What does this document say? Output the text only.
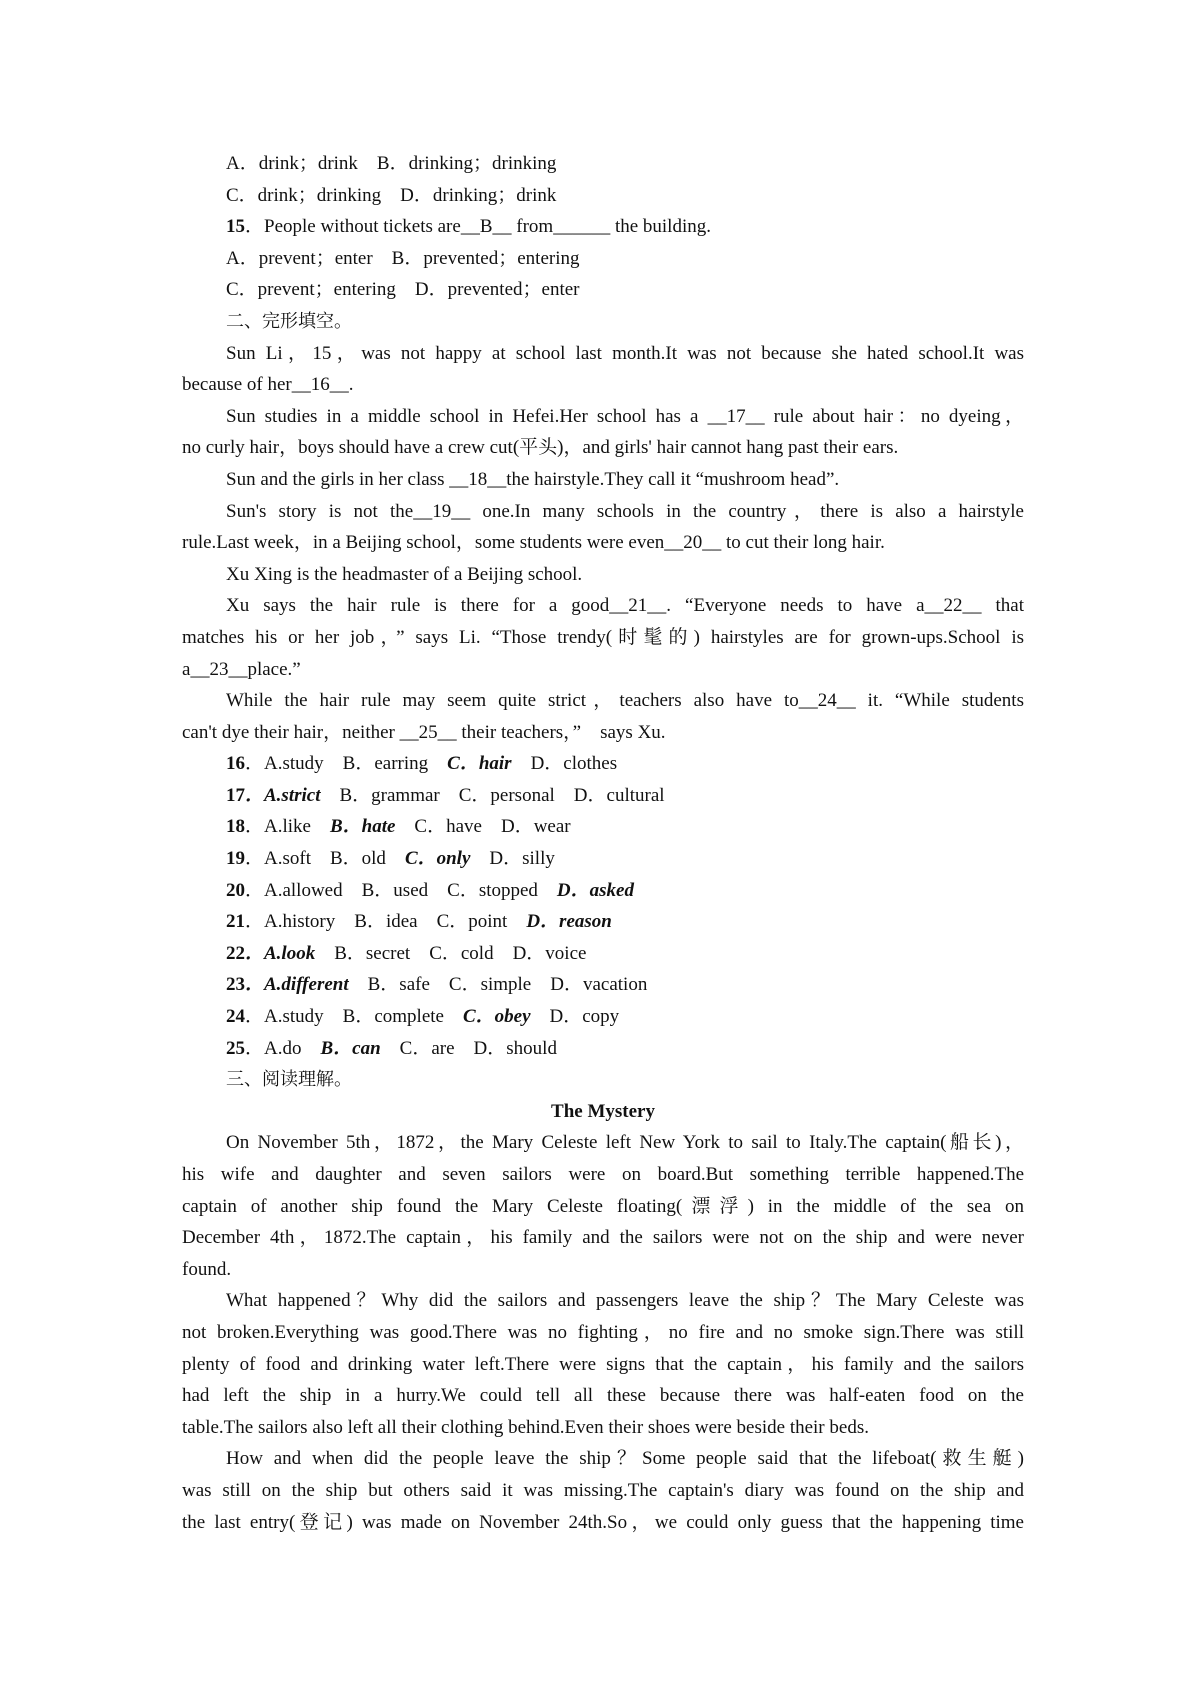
A．drink；drink　B．drinking；drinking
C．drink；drinking　D．drinking；drink
15．People without tickets are__B__ from______ the building.
A．prevent；enter　B．prevented；entering
C．prevent；entering　D．prevented；enter
二、完形填空。
Sun Li，15，was not happy at school last month.It was not because she hated school.It was
because of her__16__.
Sun studies in a middle school in Hefei.Her school has a __17__ rule about hair：no dyeing，
no curly hair，boys should have a crew cut(平头)，and girls' hair cannot hang past their ears.
Sun and the girls in her class __18__the hairstyle.They call it “mushroom head”.
Sun's story is not the__19__ one.In many schools in the country，there is also a hairstyle
rule.Last week，in a Beijing school，some students were even__20__ to cut their long hair.
Xu Xing is the headmaster of a Beijing school.
Xu says the hair rule is there for a good__21__. “Everyone needs to have a__22__ that
matches his or her job，” says Li. “Those trendy(时髦的) hairstyles are for grown-ups.School is
a__23__place.”
While the hair rule may seem quite strict，teachers also have to__24__ it. “While students
can't dye their hair，neither __25__ their teachers，”　says Xu.
16．A.study　B．earring　C．hair　D．clothes
17．A.strict　B．grammar　C．personal　D．cultural
18．A.like　B．hate　C．have　D．wear
19．A.soft　B．old　C．only　D．silly
20．A.allowed　B．used　C．stopped　D．asked
21．A.history　B．idea　C．point　D．reason
22．A.look　B．secret　C．cold　D．voice
23．A.different　B．safe　C．simple　D．vacation
24．A.study　B．complete　C．obey　D．copy
25．A.do　B．can　C．are　D．should
三、阅读理解。
The Mystery
On November 5th，1872，the Mary Celeste left New York to sail to Italy.The captain(船长)，
his wife and daughter and seven sailors were on board.But something terrible happened.The
captain of another ship found the Mary Celeste floating(漂浮) in the middle of the sea on
December 4th，1872.The captain，his family and the sailors were not on the ship and were never
found.
What happened？Why did the sailors and passengers leave the ship？The Mary Celeste was
not broken.Everything was good.There was no fighting，no fire and no smoke sign.There was still
plenty of food and drinking water left.There were signs that the captain，his family and the sailors
had left the ship in a hurry.We could tell all these because there was half-eaten food on the
table.The sailors also left all their clothing behind.Even their shoes were beside their beds.
How and when did the people leave the ship？Some people said that the lifeboat(救生艇)
was still on the ship but others said it was missing.The captain's diary was found on the ship and
the last entry(登记) was made on November 24th.So，we could only guess that the happening time
